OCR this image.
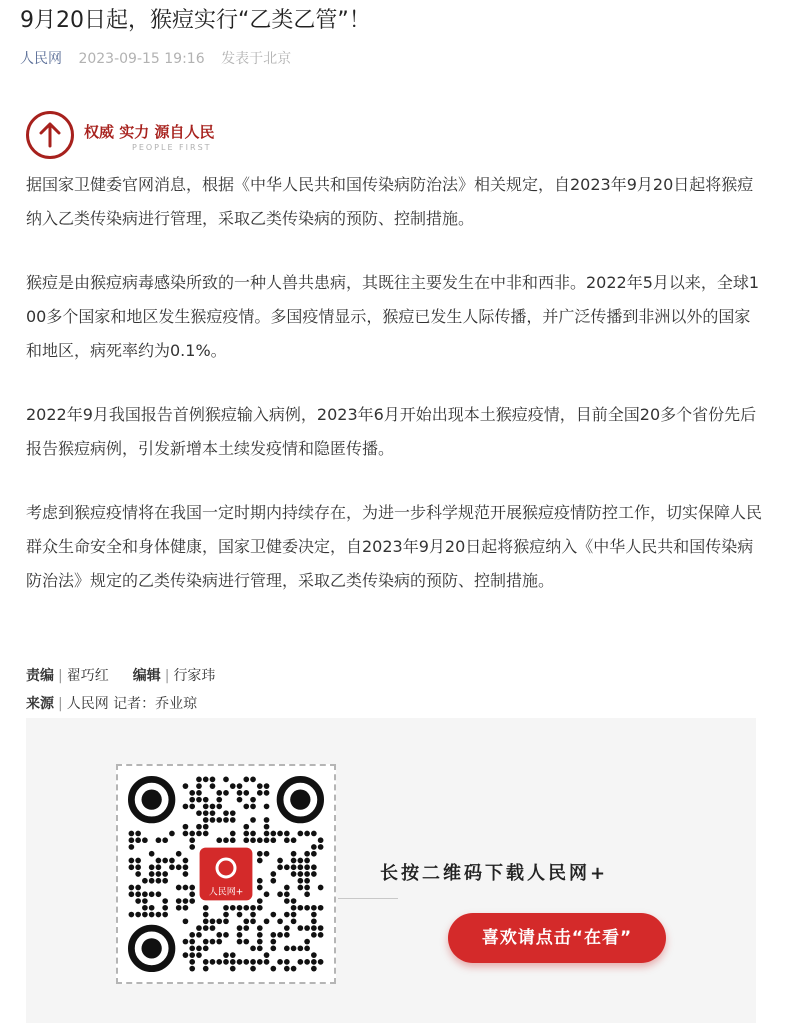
9月20日起，猴痘实行“乙类乙管”！
人民网 2023-09-15 19:16 发表于北京
权威 实力 源自人民
PEOPLE FIRST

据国家卫健委官网消息，根据《中华人民共和国传染病防治法》相关规定，自2023年9月20日起将猴痘纳入乙类传染病进行管理，采取乙类传染病的预防、控制措施。

猴痘是由猴痘病毒感染所致的一种人兽共患病，其既往主要发生在中非和西非。2022年5月以来，全球100多个国家和地区发生猴痘疫情。多国疫情显示，猴痘已发生人际传播，并广泛传播到非洲以外的国家和地区，病死率约为0.1%。

2022年9月我国报告首例猴痘输入病例，2023年6月开始出现本土猴痘疫情，目前全国20多个省份先后报告猴痘病例，引发新增本土续发疫情和隐匿传播。

考虑到猴痘疫情将在我国一定时期内持续存在，为进一步科学规范开展猴痘疫情防控工作，切实保障人民群众生命安全和身体健康，国家卫健委决定，自2023年9月20日起将猴痘纳入《中华人民共和国传染病防治法》规定的乙类传染病进行管理，采取乙类传染病的预防、控制措施。

责编 | 翟巧红 编辑 | 行家玮
来源 | 人民网 记者：乔业琼
人民网+
长按二维码下载人民网+
喜欢请点击“在看”
